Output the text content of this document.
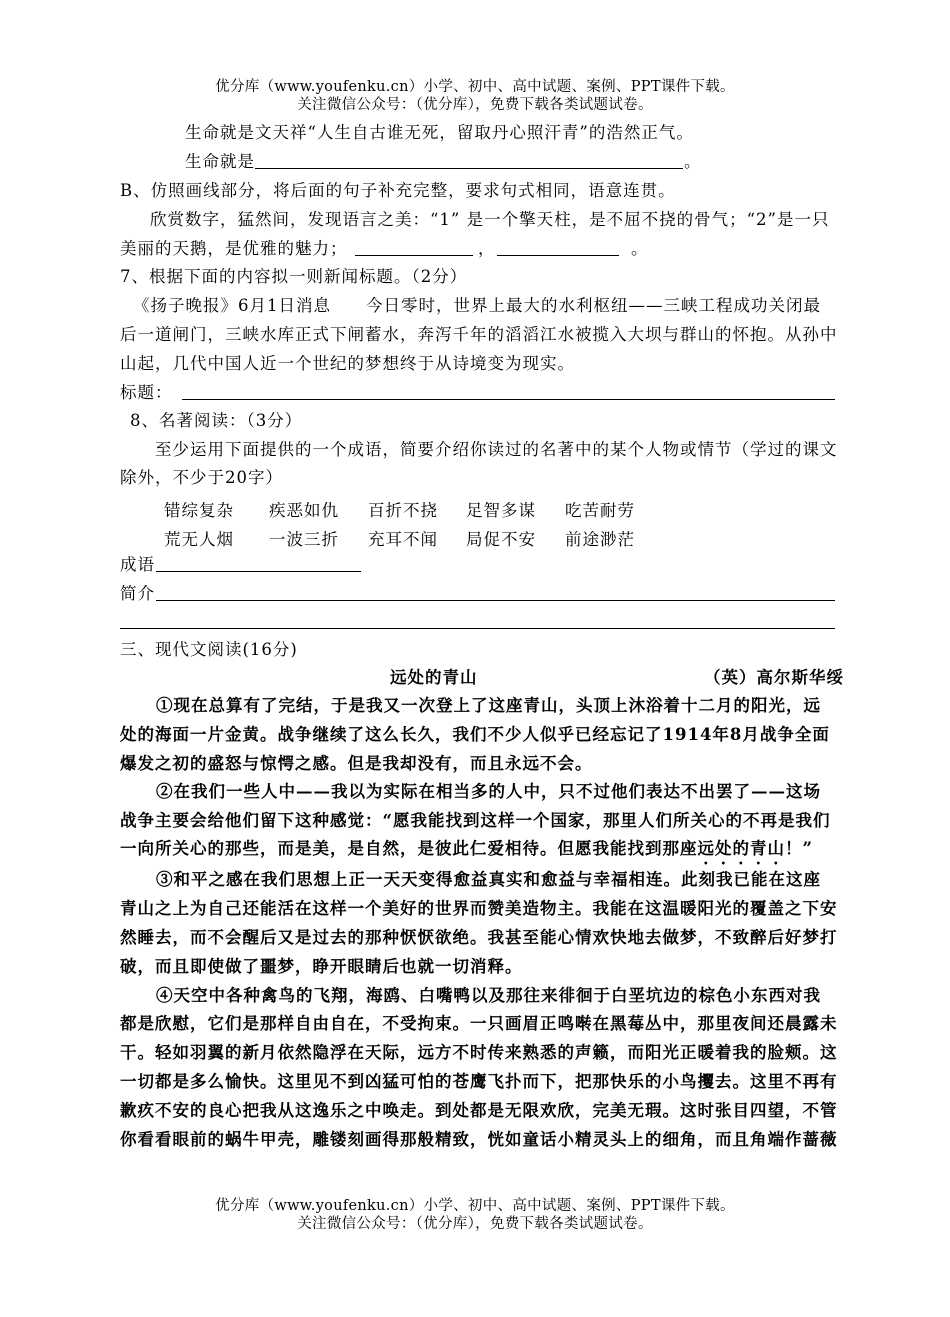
优分库（www.youfenku.cn）小学、初中、高中试题、案例、PPT课件下载。
关注微信公众号：（优分库），免费下载各类试题试卷。
生命就是文天祥“人生自古谁无死，留取丹心照汗青”的浩然正气。
生命就是	。
B、仿照画线部分，将后面的句子补充完整，要求句式相同，语意连贯。
欣赏数字，猛然间，发现语言之美：“1” 是一个擎天柱，是不屈不挠的骨气；“2”是一只
美丽的天鹅，是优雅的魅力；	，	。
7、根据下面的内容拟一则新闻标题。（2分）
《扬子晚报》6月1日消息　　今日零时，世界上最大的水利枢纽——三峡工程成功关闭最
后一道闸门，三峡水库正式下闸蓄水，奔泻千年的滔滔江水被揽入大坝与群山的怀抱。从孙中
山起，几代中国人近一个世纪的梦想终于从诗境变为现实。
标题：
8、名著阅读：（3分）
至少运用下面提供的一个成语，简要介绍你读过的名著中的某个人物或情节（学过的课文
除外，不少于20字）
错综复杂 疾恶如仇 百折不挠 足智多谋 吃苦耐劳
荒无人烟 一波三折 充耳不闻 局促不安 前途渺茫
成语
简介
三、现代文阅读(16分)
远处的青山	（英）高尔斯华绥
①现在总算有了完结，于是我又一次登上了这座青山，头顶上沐浴着十二月的阳光，远
处的海面一片金黄。战争继续了这么长久，我们不少人似乎已经忘记了1914年8月战争全面
爆发之初的盛怒与惊愕之感。但是我却没有，而且永远不会。
②在我们一些人中——我以为实际在相当多的人中，只不过他们表达不出罢了——这场
战争主要会给他们留下这种感觉：“愿我能找到这样一个国家，那里人们所关心的不再是我们
一向所关心的那些，而是美，是自然，是彼此仁爱相待。但愿我能找到那座远处的青山！”
③和平之感在我们思想上正一天天变得愈益真实和愈益与幸福相连。此刻我已能在这座
青山之上为自己还能活在这样一个美好的世界而赞美造物主。我能在这温暖阳光的覆盖之下安
然睡去，而不会醒后又是过去的那种恹恹欲绝。我甚至能心情欢快地去做梦，不致醉后好梦打
破，而且即使做了噩梦，睁开眼睛后也就一切消释。
④天空中各种禽鸟的飞翔，海鸥、白嘴鸭以及那往来徘徊于白垩坑边的棕色小东西对我
都是欣慰，它们是那样自由自在，不受拘束。一只画眉正鸣啭在黑莓丛中，那里夜间还晨露未
干。轻如羽翼的新月依然隐浮在天际，远方不时传来熟悉的声籁，而阳光正暖着我的脸颊。这
一切都是多么愉快。这里见不到凶猛可怕的苍鹰飞扑而下，把那快乐的小鸟攫去。这里不再有
歉疚不安的良心把我从这逸乐之中唤走。到处都是无限欢欣，完美无瑕。这时张目四望，不管
你看看眼前的蜗牛甲壳，雕镂刻画得那般精致，恍如童话小精灵头上的细角，而且角端作蔷薇
优分库（www.youfenku.cn）小学、初中、高中试题、案例、PPT课件下载。
关注微信公众号：（优分库），免费下载各类试题试卷。
